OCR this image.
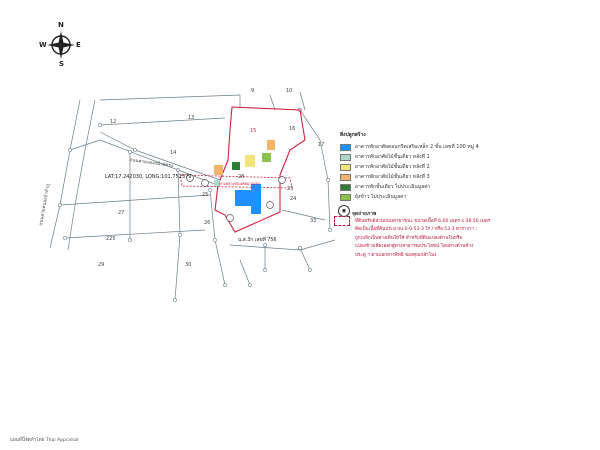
N
S
E
W
9	10
12
13
14
15	16
17
23
24
25
26
27
28
29	30
33
225
ถนนสายเลนหน้าสตรุง
ถนนสายหนองบัวลำภู
LAT:17.242030, LONG:101.752579
น.ส.3ก เลขที่ 756
ทางหลวงชนบทหมายเลข
สิ่งปลูกสร้าง
อาคารพักอาศัยคอนกรีตเสริมเหล็ก 2 ชั้น เลขที่ 100 หมู่ 4
อาคารพักอาศัยไม้ชั้นเดียว หลังที่ 1
อาคารพักอาศัยไม้ชั้นเดียว หลังที่ 2
อาคารพักอาศัยไม้ชั้นเดียว หลังที่ 3
อาคารพักชั้นเดียว ไม่ประเมินมูลค่า
ยุ้งข้าว ไม่ประเมินมูลค่า
◉	จุดถ่ายภาพ
ที่ดินทรัพย์ส่วนถนนสาธารณะ ขนาดเนื้อที่ 6.00 เมตร x 38.50 เมตร
คิดเป็นเนื้อที่ดินประมาณ 0-0-53.3 ไร่ / หรือ 53.3 ตารางวา ;
ถูกเบลิกเป็นทางเดินให้ใช้ สำหรับที่ดินแปลงด้านในหรือ
แปลงข้างเคียงออกสู่ทางสาธารณประโยชน์ โดยทางด้านข้าง
ประตู ฯ ตามเอกสารสิทธิ ของคุณกล้าโมง
แผนที่นี้จัดทำโดย Thai Appraisal
